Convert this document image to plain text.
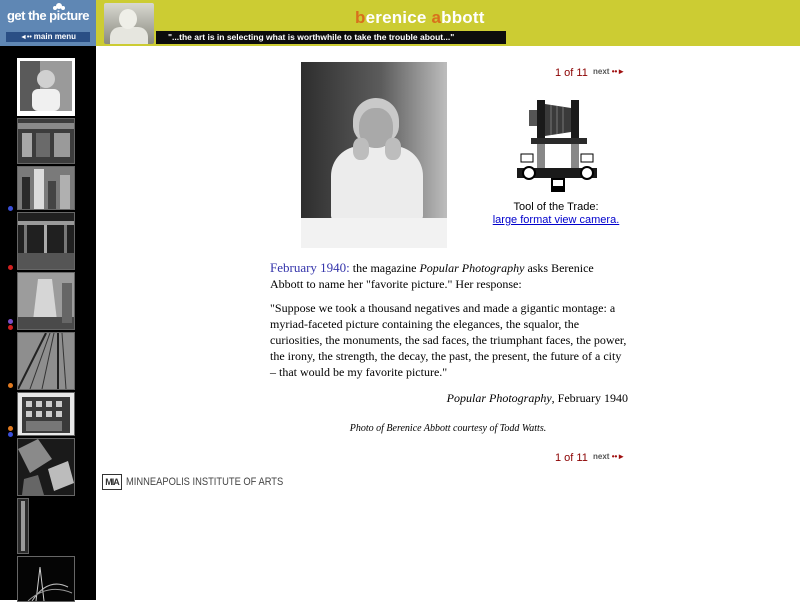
get the picture
◄•• main menu
berenice abbott
"...the art is in selecting what is worthwhile to take the trouble about..."
1 of 11 next ••►
Tool of the Trade:
large format view camera.

February 1940: the magazine Popular Photography asks Berenice Abbott to name her "favorite picture." Her response:

"Suppose we took a thousand negatives and made a gigantic montage: a myriad-faceted picture containing the elegances, the squalor, the curiosities, the monuments, the sad faces, the triumphant faces, the power, the irony, the strength, the decay, the past, the present, the future of a city – that would be my favorite picture."

Popular Photography, February 1940

Photo of Berenice Abbott courtesy of Todd Watts.
1 of 11 next ••►
MIA MINNEAPOLIS INSTITUTE OF ARTS
